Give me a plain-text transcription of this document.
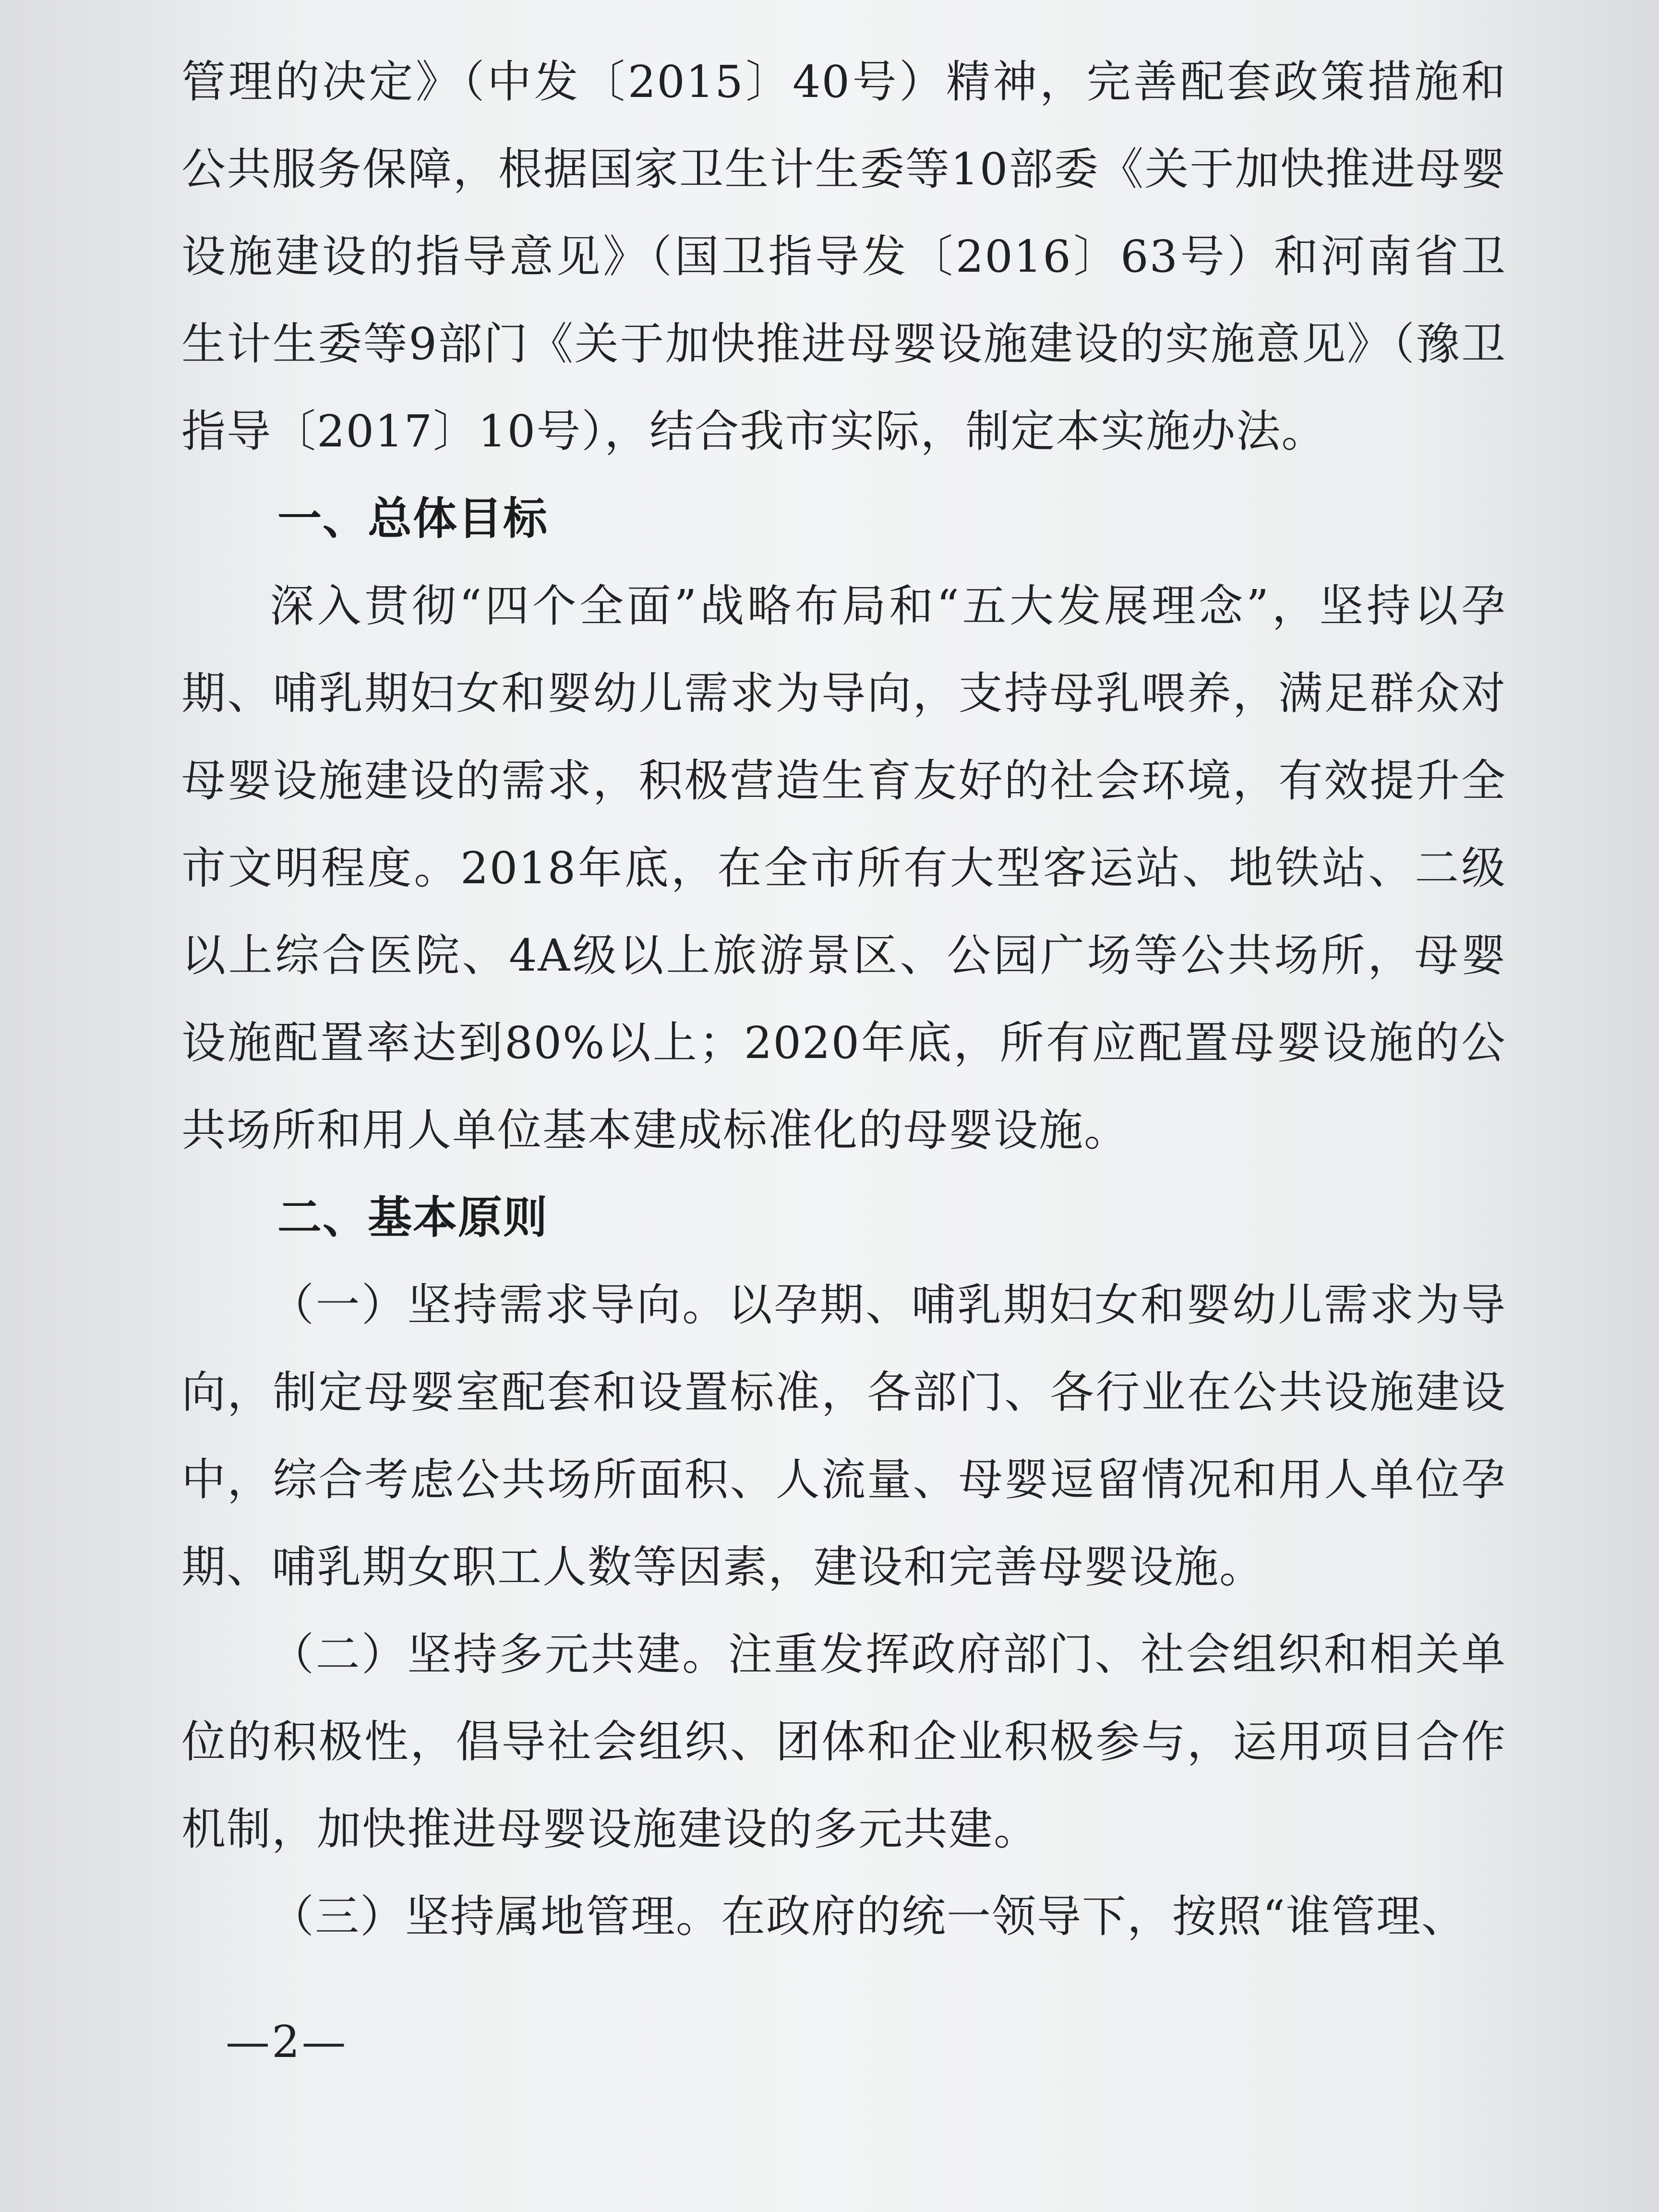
管理的决定》（中发〔2015〕40号）精神，完善配套政策措施和公共服务保障，根据国家卫生计生委等10部委《关于加快推进母婴设施建设的指导意见》（国卫指导发〔2016〕63号）和河南省卫生计生委等9部门《关于加快推进母婴设施建设的实施意见》（豫卫指导〔2017〕10号），结合我市实际，制定本实施办法。

一、总体目标

深入贯彻“四个全面”战略布局和“五大发展理念”，坚持以孕期、哺乳期妇女和婴幼儿需求为导向，支持母乳喂养，满足群众对母婴设施建设的需求，积极营造生育友好的社会环境，有效提升全市文明程度。2018年底，在全市所有大型客运站、地铁站、二级以上综合医院、4A级以上旅游景区、公园广场等公共场所，母婴设施配置率达到80%以上；2020年底，所有应配置母婴设施的公共场所和用人单位基本建成标准化的母婴设施。

二、基本原则

（一）坚持需求导向。以孕期、哺乳期妇女和婴幼儿需求为导向，制定母婴室配套和设置标准，各部门、各行业在公共设施建设中，综合考虑公共场所面积、人流量、母婴逗留情况和用人单位孕期、哺乳期女职工人数等因素，建设和完善母婴设施。

（二）坚持多元共建。注重发挥政府部门、社会组织和相关单位的积极性，倡导社会组织、团体和企业积极参与，运用项目合作机制，加快推进母婴设施建设的多元共建。

（三）坚持属地管理。在政府的统一领导下，按照“谁管理、

—2—
